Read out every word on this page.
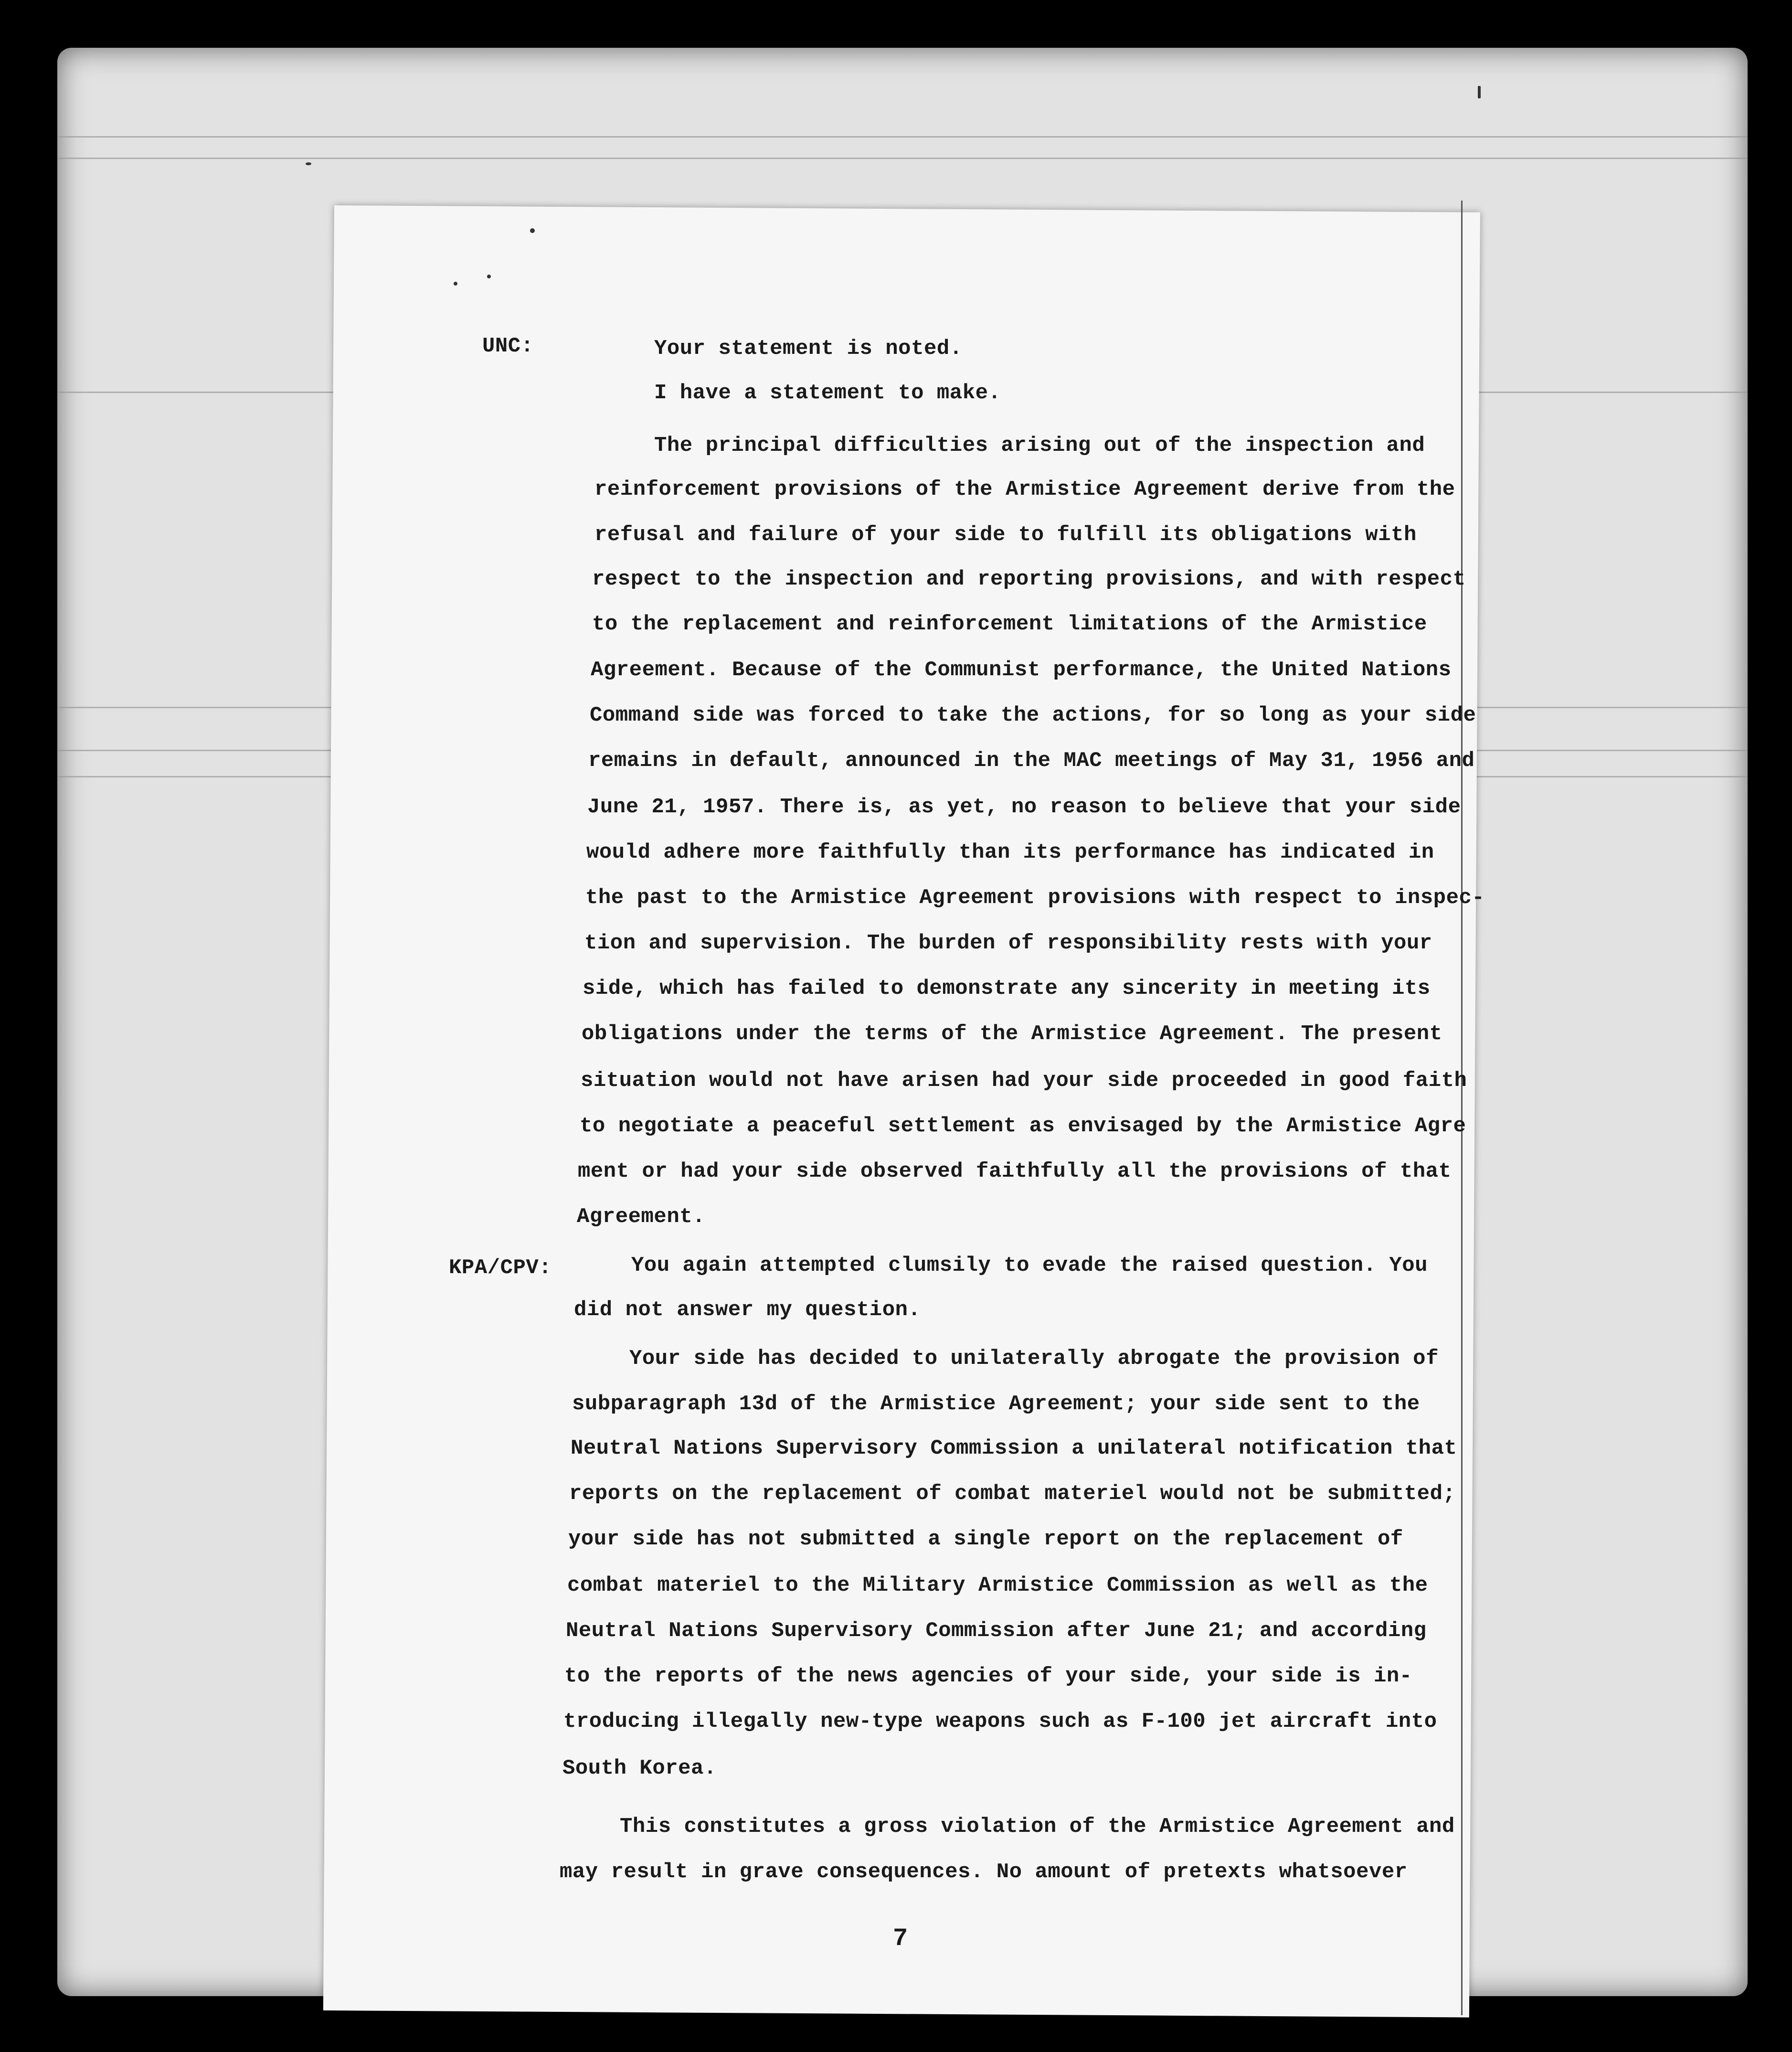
UNC:	Your statement is noted.
I have a statement to make.
The principal difficulties arising out of the inspection and
reinforcement provisions of the Armistice Agreement derive from the
refusal and failure of your side to fulfill its obligations with
respect to the inspection and reporting provisions, and with respect
to the replacement and reinforcement limitations of the Armistice
Agreement. Because of the Communist performance, the United Nations
Command side was forced to take the actions, for so long as your side
remains in default, announced in the MAC meetings of May 31, 1956 and
June 21, 1957. There is, as yet, no reason to believe that your side
would adhere more faithfully than its performance has indicated in
the past to the Armistice Agreement provisions with respect to inspec-
tion and supervision. The burden of responsibility rests with your
side, which has failed to demonstrate any sincerity in meeting its
obligations under the terms of the Armistice Agreement. The present
situation would not have arisen had your side proceeded in good faith
to negotiate a peaceful settlement as envisaged by the Armistice Agre
ment or had your side observed faithfully all the provisions of that
Agreement.
KPA/CPV:	You again attempted clumsily to evade the raised question. You
did not answer my question.
Your side has decided to unilaterally abrogate the provision of
subparagraph 13d of the Armistice Agreement; your side sent to the
Neutral Nations Supervisory Commission a unilateral notification that
reports on the replacement of combat materiel would not be submitted;
your side has not submitted a single report on the replacement of
combat materiel to the Military Armistice Commission as well as the
Neutral Nations Supervisory Commission after June 21; and according
to the reports of the news agencies of your side, your side is in-
troducing illegally new-type weapons such as F-100 jet aircraft into
South Korea.
This constitutes a gross violation of the Armistice Agreement and
may result in grave consequences. No amount of pretexts whatsoever
7
